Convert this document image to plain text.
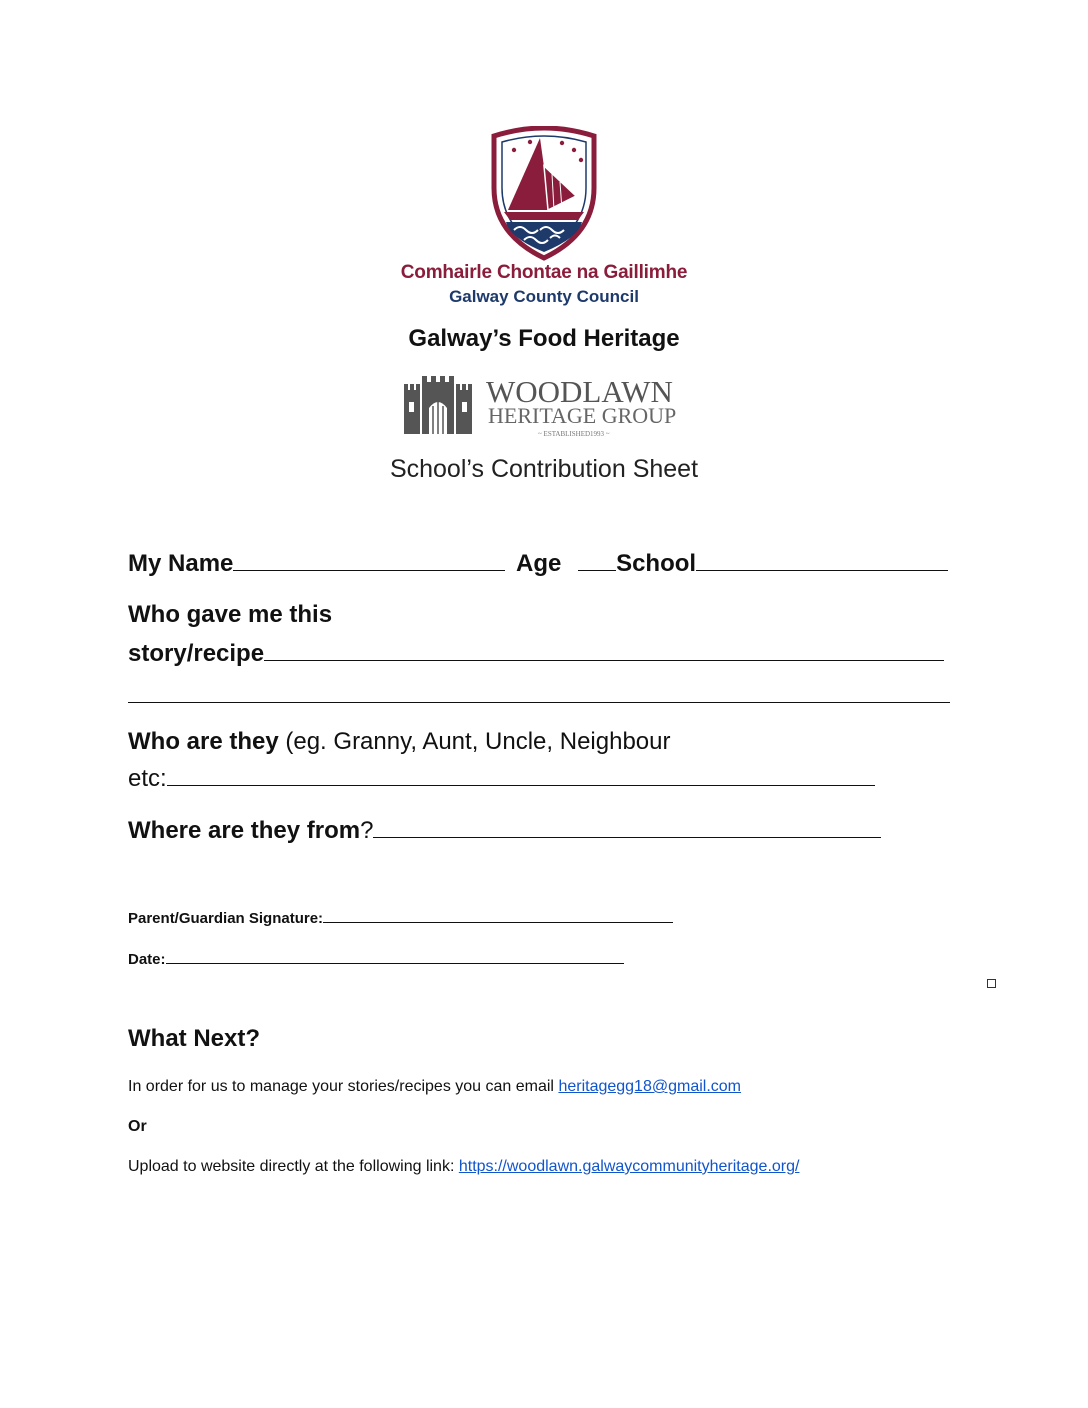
Comhairle Chontae na Gaillimhe
Galway County Council
Galway’s Food Heritage
WOODLAWN
HERITAGE GROUP
~ ESTABLISHED1993 ~
School’s Contribution Sheet
My Name	Age School
Who gave me this
story/recipe
Who are they (eg. Granny, Aunt, Uncle, Neighbour
etc:
Where are they from?
Parent/Guardian Signature:
Date:
What Next?
In order for us to manage your stories/recipes you can email heritagegg18@gmail.com
Or
Upload to website directly at the following link: https://woodlawn.galwaycommunityheritage.org/
